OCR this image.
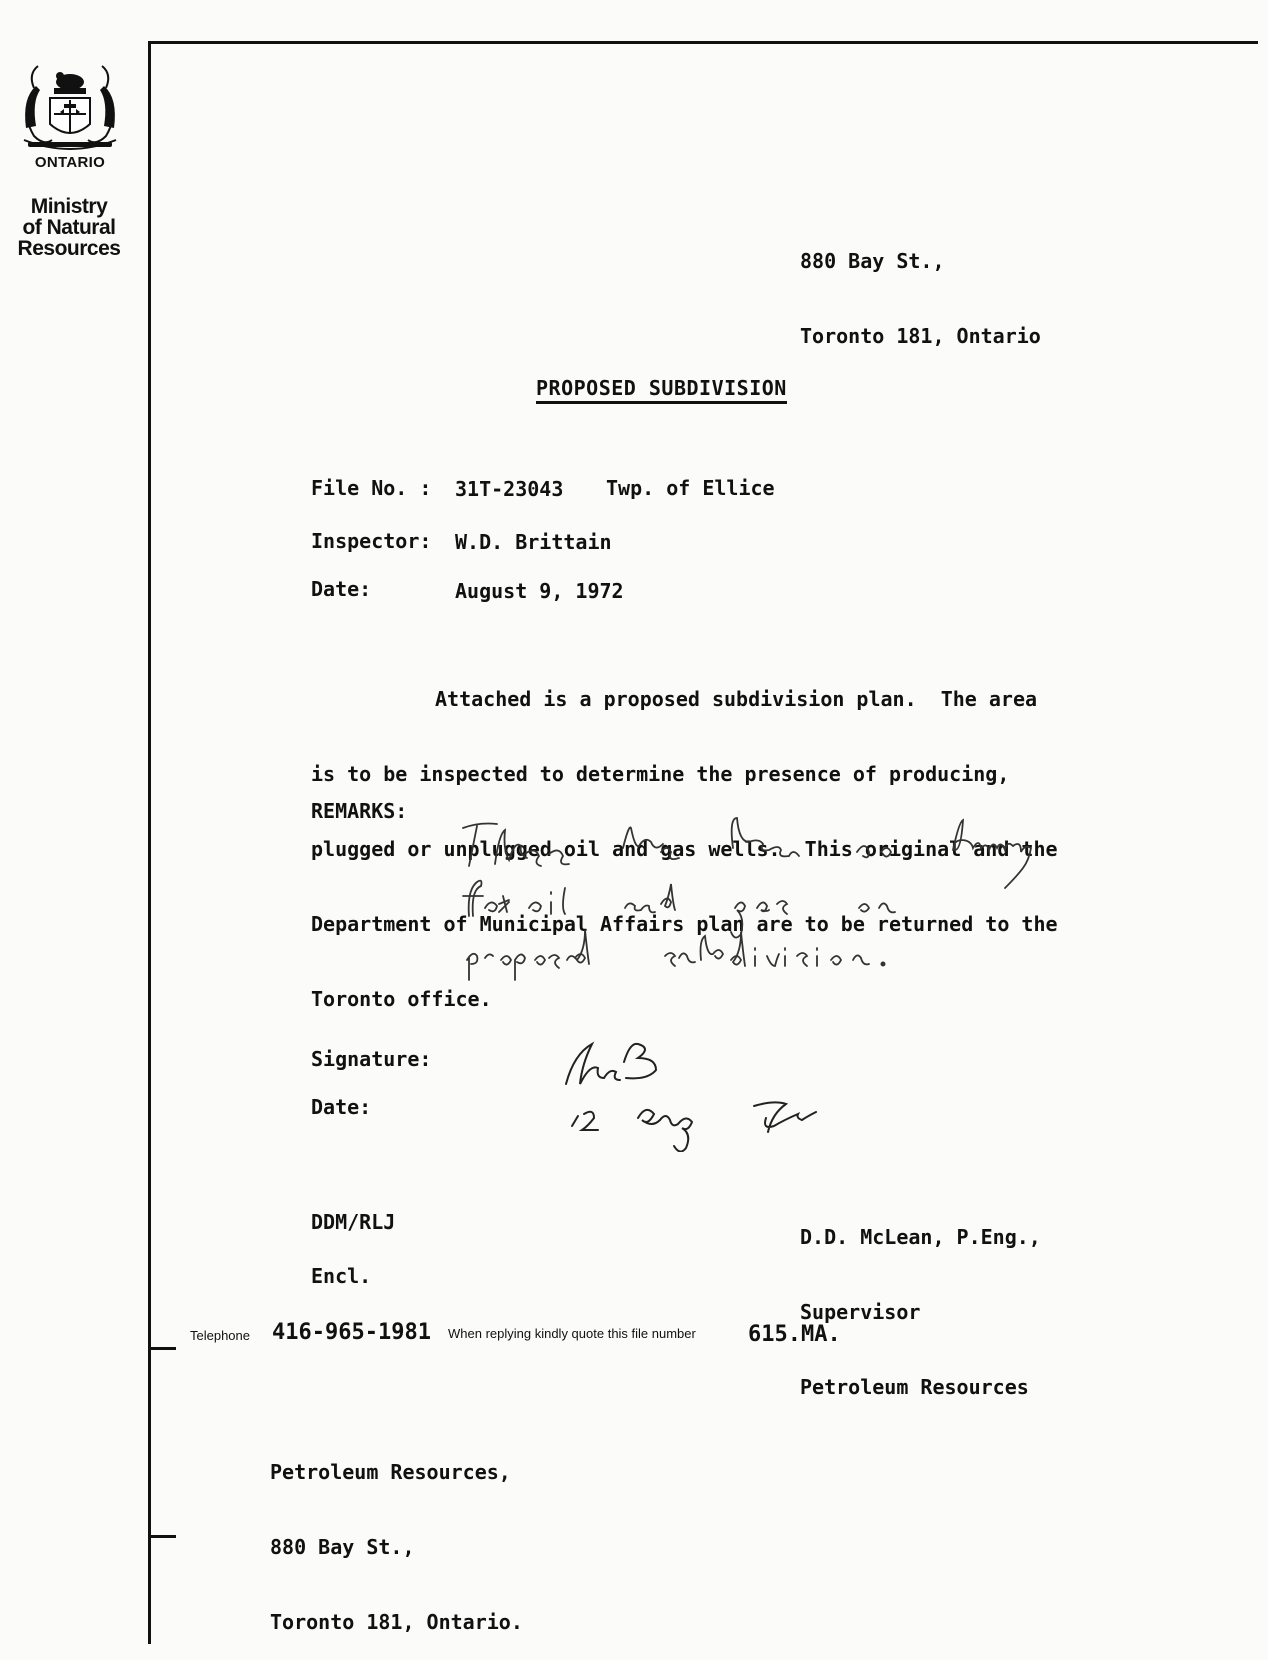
ONTARIO
Ministry
of Natural
Resources

880 Bay St.,

Toronto 181, Ontario

PROPOSED SUBDIVISION
File No. : 31T-23043 Twp. of Ellice
Inspector: W.D. Brittain
Date:	August 9, 1972

Attached is a proposed subdivision plan.  The area

is to be inspected to determine the presence of producing,

plugged or unplugged oil and gas wells.  This original and the

Department of Municipal Affairs plan are to be returned to the

Toronto office.

REMARKS:
Signature:
Date:

D.D. McLean, P.Eng.,

Supervisor

Petroleum Resources

DDM/RLJ
Encl.
Telephone 416-965-1981 When replying kindly quote this file number 615.MA.

Petroleum Resources,

880 Bay St.,

Toronto 181, Ontario.
